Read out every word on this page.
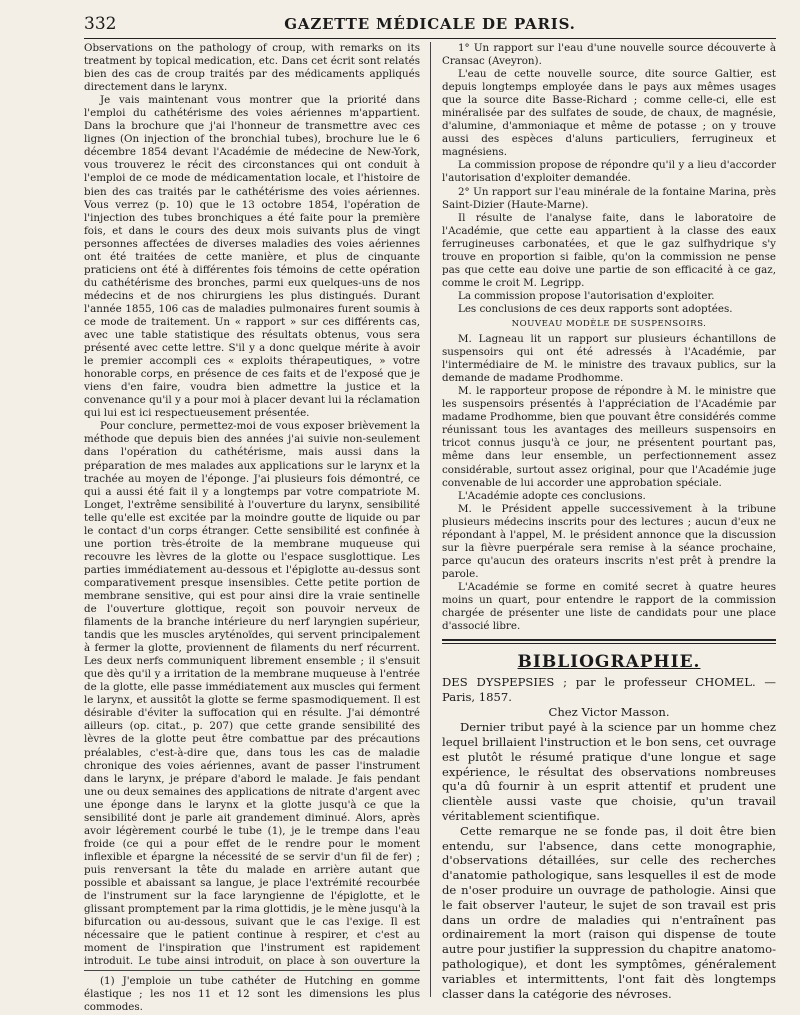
332	GAZETTE MÉDICALE DE PARIS.

Observations on the pathology of croup, with remarks on its treatment by topical medication, etc. Dans cet écrit sont relatés bien des cas de croup traités par des médicaments appliqués directement dans le larynx.

Je vais maintenant vous montrer que la priorité dans l'emploi du cathétérisme des voies aériennes m'appartient. Dans la brochure que j'ai l'honneur de transmettre avec ces lignes (On injection of the bronchial tubes), brochure lue le 6 décembre 1854 devant l'Académie de médecine de New-York, vous trouverez le récit des circonstances qui ont conduit à l'emploi de ce mode de médicamentation locale, et l'histoire de bien des cas traités par le cathétérisme des voies aériennes. Vous verrez (p. 10) que le 13 octobre 1854, l'opération de l'injection des tubes bronchiques a été faite pour la première fois, et dans le cours des deux mois suivants plus de vingt personnes affectées de diverses maladies des voies aériennes ont été traitées de cette manière, et plus de cinquante praticiens ont été à différentes fois témoins de cette opération du cathétérisme des bronches, parmi eux quelques-uns de nos médecins et de nos chirurgiens les plus distingués. Durant l'année 1855, 106 cas de maladies pulmonaires furent soumis à ce mode de traitement. Un « rapport » sur ces différents cas, avec une table statistique des résultats obtenus, vous sera présenté avec cette lettre. S'il y a donc quelque mérite à avoir le premier accompli ces « exploits thérapeutiques, » votre honorable corps, en présence de ces faits et de l'exposé que je viens d'en faire, voudra bien admettre la justice et la convenance qu'il y a pour moi à placer devant lui la réclamation qui lui est ici respectueusement présentée.

Pour conclure, permettez-moi de vous exposer brièvement la méthode que depuis bien des années j'ai suivie non-seulement dans l'opération du cathétérisme, mais aussi dans la préparation de mes malades aux applications sur le larynx et la trachée au moyen de l'éponge. J'ai plusieurs fois démontré, ce qui a aussi été fait il y a longtemps par votre compatriote M. Longet, l'extrême sensibilité à l'ouverture du larynx, sensibilité telle qu'elle est excitée par la moindre goutte de liquide ou par le contact d'un corps étranger. Cette sensibilité est confinée à une portion très-étroite de la membrane muqueuse qui recouvre les lèvres de la glotte ou l'espace susglottique. Les parties immédiatement au-dessous et l'épiglotte au-dessus sont comparativement presque insensibles. Cette petite portion de membrane sensitive, qui est pour ainsi dire la vraie sentinelle de l'ouverture glottique, reçoit son pouvoir nerveux de filaments de la branche intérieure du nerf laryngien supérieur, tandis que les muscles aryténoïdes, qui servent principalement à fermer la glotte, proviennent de filaments du nerf récurrent. Les deux nerfs communiquent librement ensemble ; il s'ensuit que dès qu'il y a irritation de la membrane muqueuse à l'entrée de la glotte, elle passe immédiatement aux muscles qui ferment le larynx, et aussitôt la glotte se ferme spasmodiquement. Il est désirable d'éviter la suffocation qui en résulte. J'ai démontré ailleurs (op. citat., p. 207) que cette grande sensibilité des lèvres de la glotte peut être combattue par des précautions préalables, c'est-à-dire que, dans tous les cas de maladie chronique des voies aériennes, avant de passer l'instrument dans le larynx, je prépare d'abord le malade. Je fais pendant une ou deux semaines des applications de nitrate d'argent avec une éponge dans le larynx et la glotte jusqu'à ce que la sensibilité dont je parle ait grandement diminué. Alors, après avoir légèrement courbé le tube (1), je le trempe dans l'eau froide (ce qui a pour effet de le rendre pour le moment inflexible et épargne la nécessité de se servir d'un fil de fer) ; puis renversant la tête du malade en arrière autant que possible et abaissant sa langue, je place l'extrémité recourbée de l'instrument sur la face laryngienne de l'épiglotte, et le glissant promptement par la rima glottidis, je le mène jusqu'à la bifurcation ou au-dessous, suivant que le cas l'exige. Il est nécessaire que le patient continue à respirer, et c'est au moment de l'inspiration que l'instrument est rapidement introduit. Le tube ainsi introduit, on place à son ouverture la

(1) J'emploie un tube cathéter de Hutching en gomme élastique ; les nos 11 et 12 sont les dimensions les plus commodes.

1° Un rapport sur l'eau d'une nouvelle source découverte à Cransac (Aveyron).

L'eau de cette nouvelle source, dite source Galtier, est depuis longtemps employée dans le pays aux mêmes usages que la source dite Basse-Richard ; comme celle-ci, elle est minéralisée par des sulfates de soude, de chaux, de magnésie, d'alumine, d'ammoniaque et même de potasse ; on y trouve aussi des espèces d'aluns particuliers, ferrugineux et magnésiens.

La commission propose de répondre qu'il y a lieu d'accorder l'autorisation d'exploiter demandée.

2° Un rapport sur l'eau minérale de la fontaine Marina, près Saint-Dizier (Haute-Marne).

Il résulte de l'analyse faite, dans le laboratoire de l'Académie, que cette eau appartient à la classe des eaux ferrugineuses carbonatées, et que le gaz sulfhydrique s'y trouve en proportion si faible, qu'on la commission ne pense pas que cette eau doive une partie de son efficacité à ce gaz, comme le croit M. Legripp.

La commission propose l'autorisation d'exploiter.

Les conclusions de ces deux rapports sont adoptées.

NOUVEAU MODÈLE DE SUSPENSOIRS.

M. Lagneau lit un rapport sur plusieurs échantillons de suspensoirs qui ont été adressés à l'Académie, par l'intermédiaire de M. le ministre des travaux publics, sur la demande de madame Prodhomme.

M. le rapporteur propose de répondre à M. le ministre que les suspensoirs présentés à l'appréciation de l'Académie par madame Prodhomme, bien que pouvant être considérés comme réunissant tous les avantages des meilleurs suspensoirs en tricot connus jusqu'à ce jour, ne présentent pourtant pas, même dans leur ensemble, un perfectionnement assez considérable, surtout assez original, pour que l'Académie juge convenable de lui accorder une approbation spéciale.

L'Académie adopte ces conclusions.

M. le Président appelle successivement à la tribune plusieurs médecins inscrits pour des lectures ; aucun d'eux ne répondant à l'appel, M. le président annonce que la discussion sur la fièvre puerpérale sera remise à la séance prochaine, parce qu'aucun des orateurs inscrits n'est prêt à prendre la parole.

L'Académie se forme en comité secret à quatre heures moins un quart, pour entendre le rapport de la commission chargée de présenter une liste de candidats pour une place d'associé libre.

BIBLIOGRAPHIE.

DES DYSPEPSIES ; par le professeur CHOMEL. — Paris, 1857.

Chez Victor Masson.

Dernier tribut payé à la science par un homme chez lequel brillaient l'instruction et le bon sens, cet ouvrage est plutôt le résumé pratique d'une longue et sage expérience, le résultat des observations nombreuses qu'a dû fournir à un esprit attentif et prudent une clientèle aussi vaste que choisie, qu'un travail véritablement scientifique.

Cette remarque ne se fonde pas, il doit être bien entendu, sur l'absence, dans cette monographie, d'observations détaillées, sur celle des recherches d'anatomie pathologique, sans lesquelles il est de mode de n'oser produire un ouvrage de pathologie. Ainsi que le fait observer l'auteur, le sujet de son travail est pris dans un ordre de maladies qui n'entraînent pas ordinairement la mort (raison qui dispense de toute autre pour justifier la suppression du chapitre anatomo-pathologique), et dont les symptômes, généralement variables et intermittents, l'ont fait dès longtemps classer dans la catégorie des névroses.
